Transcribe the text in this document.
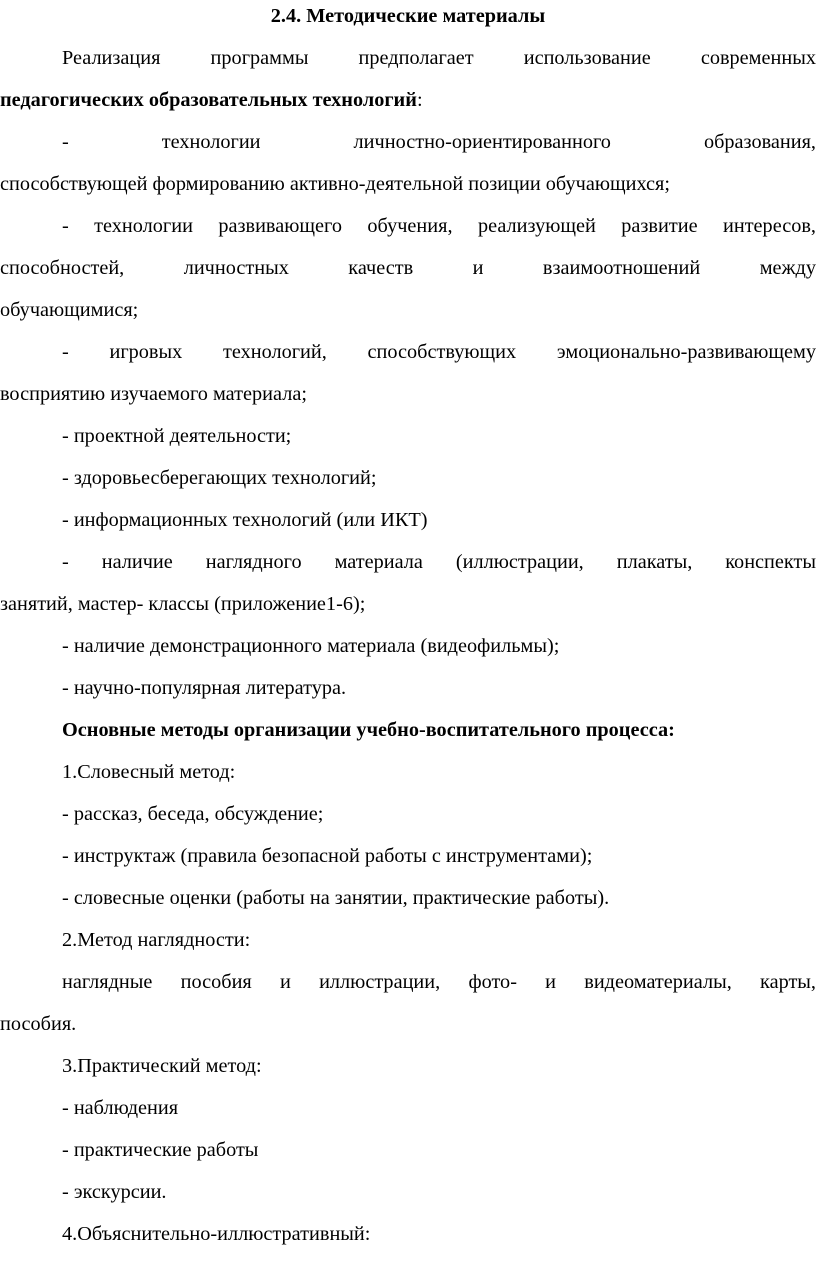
2.4. Методические материалы
Реализация программы предполагает использование современных
педагогических образовательных технологий:
- технологии личностно-ориентированного образования,
способствующей формированию активно-деятельной позиции обучающихся;
- технологии развивающего обучения, реализующей развитие интересов,
способностей, личностных качеств и взаимоотношений между
обучающимися;
- игровых технологий, способствующих эмоционально-развивающему
восприятию изучаемого материала;
- проектной деятельности;
- здоровьесберегающих технологий;
- информационных технологий (или ИКТ)
- наличие наглядного материала (иллюстрации, плакаты, конспекты
занятий, мастер- классы (приложение1-6);
- наличие демонстрационного материала (видеофильмы);
- научно-популярная литература.
Основные методы организации учебно-воспитательного процесса:
1.Словесный метод:
- рассказ, беседа, обсуждение;
- инструктаж (правила безопасной работы с инструментами);
- словесные оценки (работы на занятии, практические работы).
2.Метод наглядности:
наглядные пособия и иллюстрации, фото- и видеоматериалы, карты,
пособия.
3.Практический метод:
- наблюдения
- практические работы
- экскурсии.
4.Объяснительно-иллюстративный:
